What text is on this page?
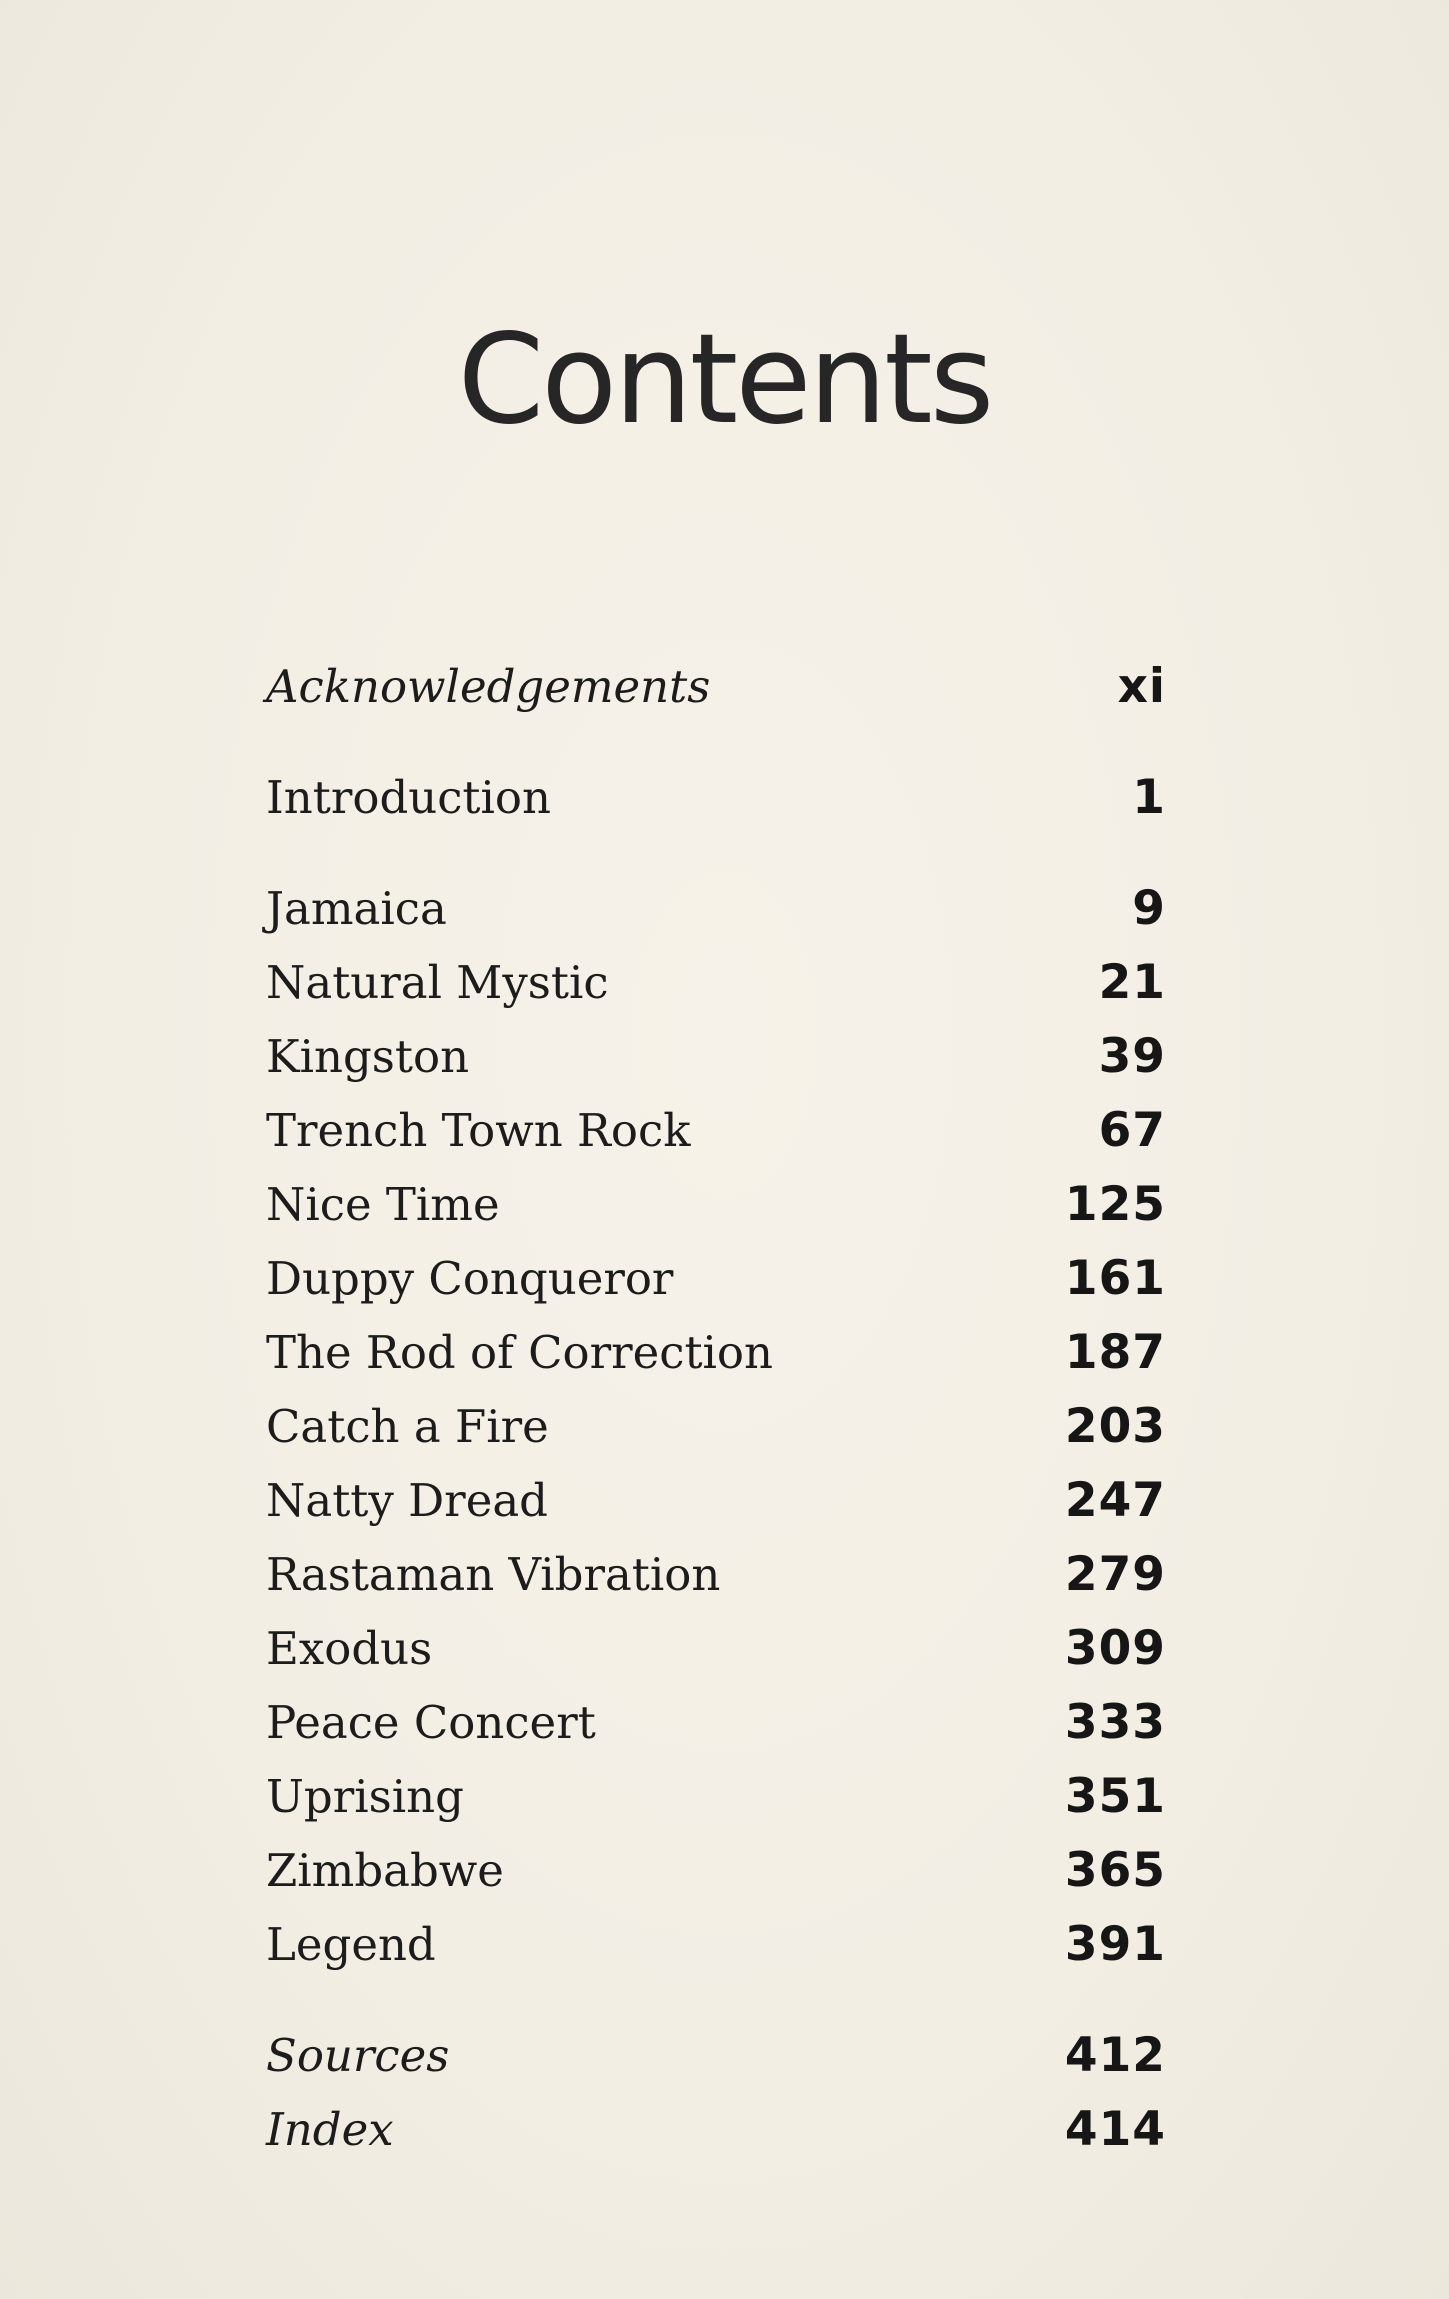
Contents
Acknowledgements	xi
Introduction	1
Jamaica	9
Natural Mystic	21
Kingston	39
Trench Town Rock	67
Nice Time	125
Duppy Conqueror	161
The Rod of Correction	187
Catch a Fire	203
Natty Dread	247
Rastaman Vibration	279
Exodus	309
Peace Concert	333
Uprising	351
Zimbabwe	365
Legend	391
Sources	412
Index	414
